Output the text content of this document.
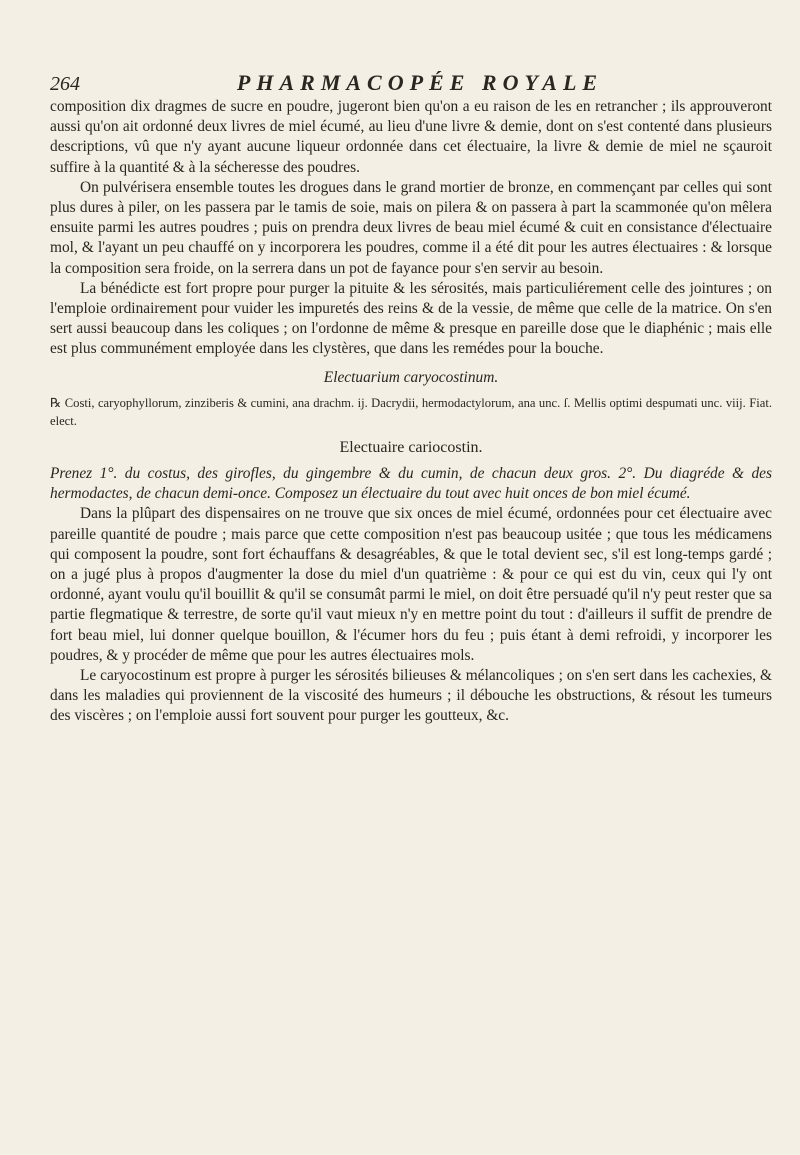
264	PHARMACOPÉE ROYALE

composition dix dragmes de sucre en poudre, jugeront bien qu'on a eu raison de les en retrancher ; ils approuveront aussi qu'on ait ordonné deux livres de miel écumé, au lieu d'une livre & demie, dont on s'est contenté dans plusieurs descriptions, vû que n'y ayant aucune liqueur ordonnée dans cet électuaire, la livre & demie de miel ne sçauroit suffire à la quantité & à la sécheresse des poudres.

On pulvérisera ensemble toutes les drogues dans le grand mortier de bronze, en commençant par celles qui sont plus dures à piler, on les passera par le tamis de soie, mais on pilera & on passera à part la scammonée qu'on mêlera ensuite parmi les autres poudres ; puis on prendra deux livres de beau miel écumé & cuit en consistance d'électuaire mol, & l'ayant un peu chauffé on y incorporera les poudres, comme il a été dit pour les autres électuaires : & lorsque la composition sera froide, on la serrera dans un pot de fayance pour s'en servir au besoin.

La bénédicte est fort propre pour purger la pituite & les sérosités, mais particuliérement celle des jointures ; on l'emploie ordinairement pour vuider les impuretés des reins & de la vessie, de même que celle de la matrice. On s'en sert aussi beaucoup dans les coliques ; on l'ordonne de même & presque en pareille dose que le diaphénic ; mais elle est plus communément employée dans les clystères, que dans les remédes pour la bouche.

Electuarium caryocostinum.

℞ Costi, caryophyllorum, zinziberis & cumini, ana drachm. ij. Dacrydii, hermodactylorum, ana unc. ſ. Mellis optimi despumati unc. viij. Fiat. elect.

Electuaire cariocostin.

Prenez 1°. du costus, des girofles, du gingembre & du cumin, de chacun deux gros. 2°. Du diagréde & des hermodactes, de chacun demi-once. Composez un électuaire du tout avec huit onces de bon miel écumé.

Dans la plûpart des dispensaires on ne trouve que six onces de miel écumé, ordonnées pour cet électuaire avec pareille quantité de poudre ; mais parce que cette composition n'est pas beaucoup usitée ; que tous les médicamens qui composent la poudre, sont fort échauffans & desagréables, & que le total devient sec, s'il est long-temps gardé ; on a jugé plus à propos d'augmenter la dose du miel d'un quatrième : & pour ce qui est du vin, ceux qui l'y ont ordonné, ayant voulu qu'il bouillit & qu'il se consumât parmi le miel, on doit être persuadé qu'il n'y peut rester que sa partie flegmatique & terrestre, de sorte qu'il vaut mieux n'y en mettre point du tout : d'ailleurs il suffit de prendre de fort beau miel, lui donner quelque bouillon, & l'écumer hors du feu ; puis étant à demi refroidi, y incorporer les poudres, & y procéder de même que pour les autres électuaires mols.

Le caryocostinum est propre à purger les sérosités bilieuses & mélancoliques ; on s'en sert dans les cachexies, & dans les maladies qui proviennent de la viscosité des humeurs ; il débouche les obstructions, & résout les tumeurs des viscères ; on l'emploie aussi fort souvent pour purger les goutteux, &c.
